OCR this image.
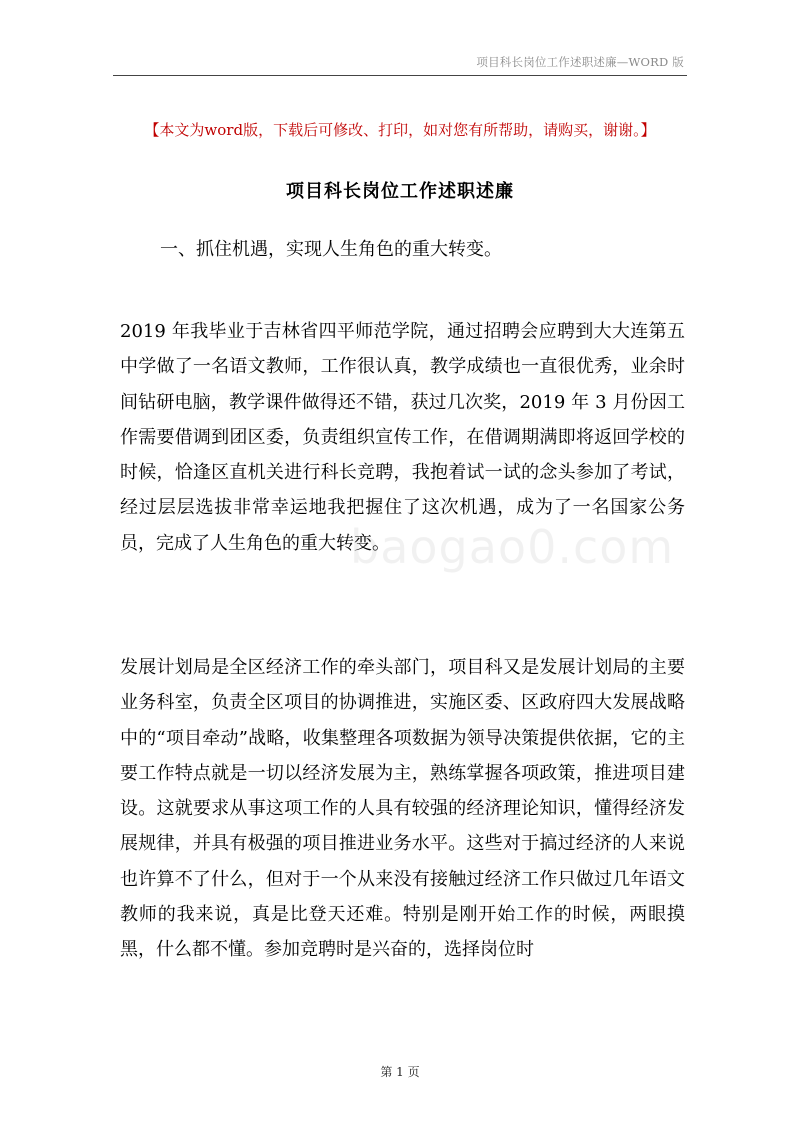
项目科长岗位工作述职述廉—WORD 版
【本文为word版，下载后可修改、打印，如对您有所帮助，请购买，谢谢。】
项目科长岗位工作述职述廉
一、抓住机遇，实现人生角色的重大转变。

2019 年我毕业于吉林省四平师范学院，通过招聘会应聘到大大连第五中学做了一名语文教师，工作很认真，教学成绩也一直很优秀，业余时间钻研电脑，教学课件做得还不错，获过几次奖，2019 年 3 月份因工作需要借调到团区委，负责组织宣传工作，在借调期满即将返回学校的时候，恰逢区直机关进行科长竞聘，我抱着试一试的念头参加了考试，经过层层选拔非常幸运地我把握住了这次机遇，成为了一名国家公务员，完成了人生角色的重大转变。

发展计划局是全区经济工作的牵头部门，项目科又是发展计划局的主要业务科室，负责全区项目的协调推进，实施区委、区政府四大发展战略中的“项目牵动”战略，收集整理各项数据为领导决策提供依据，它的主要工作特点就是一切以经济发展为主，熟练掌握各项政策，推进项目建设。这就要求从事这项工作的人具有较强的经济理论知识，懂得经济发展规律，并具有极强的项目推进业务水平。这些对于搞过经济的人来说也许算不了什么，但对于一个从来没有接触过经济工作只做过几年语文教师的我来说，真是比登天还难。特别是刚开始工作的时候，两眼摸黑，什么都不懂。参加竞聘时是兴奋的，选择岗位时

baogao0.com
第 1 页
